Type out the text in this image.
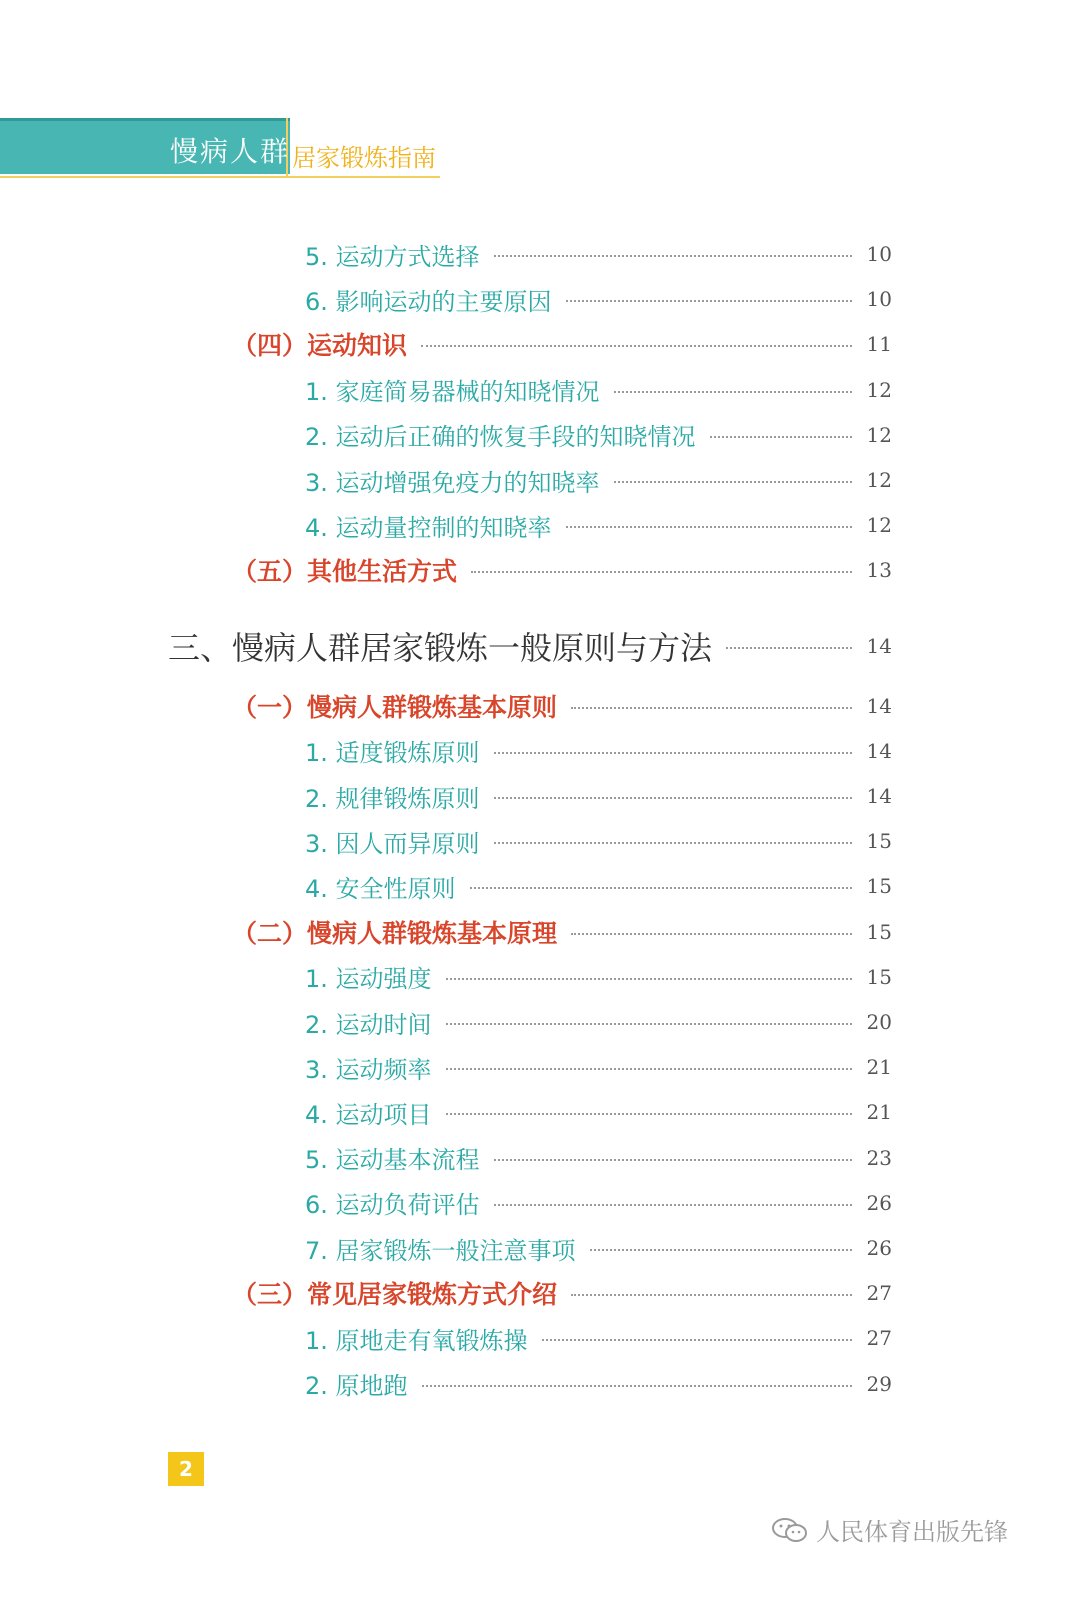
慢病人群 居家锻炼指南
5. 运动方式选择	10
6. 影响运动的主要原因	10
（四）运动知识	11
1. 家庭简易器械的知晓情况	12
2. 运动后正确的恢复手段的知晓情况	12
3. 运动增强免疫力的知晓率	12
4. 运动量控制的知晓率	12
（五）其他生活方式	13
三、慢病人群居家锻炼一般原则与方法	14
（一）慢病人群锻炼基本原则	14
1. 适度锻炼原则	14
2. 规律锻炼原则	14
3. 因人而异原则	15
4. 安全性原则	15
（二）慢病人群锻炼基本原理	15
1. 运动强度	15
2. 运动时间	20
3. 运动频率	21
4. 运动项目	21
5. 运动基本流程	23
6. 运动负荷评估	26
7. 居家锻炼一般注意事项	26
（三）常见居家锻炼方式介绍	27
1. 原地走有氧锻炼操	27
2. 原地跑	29
2
人民体育出版先锋
